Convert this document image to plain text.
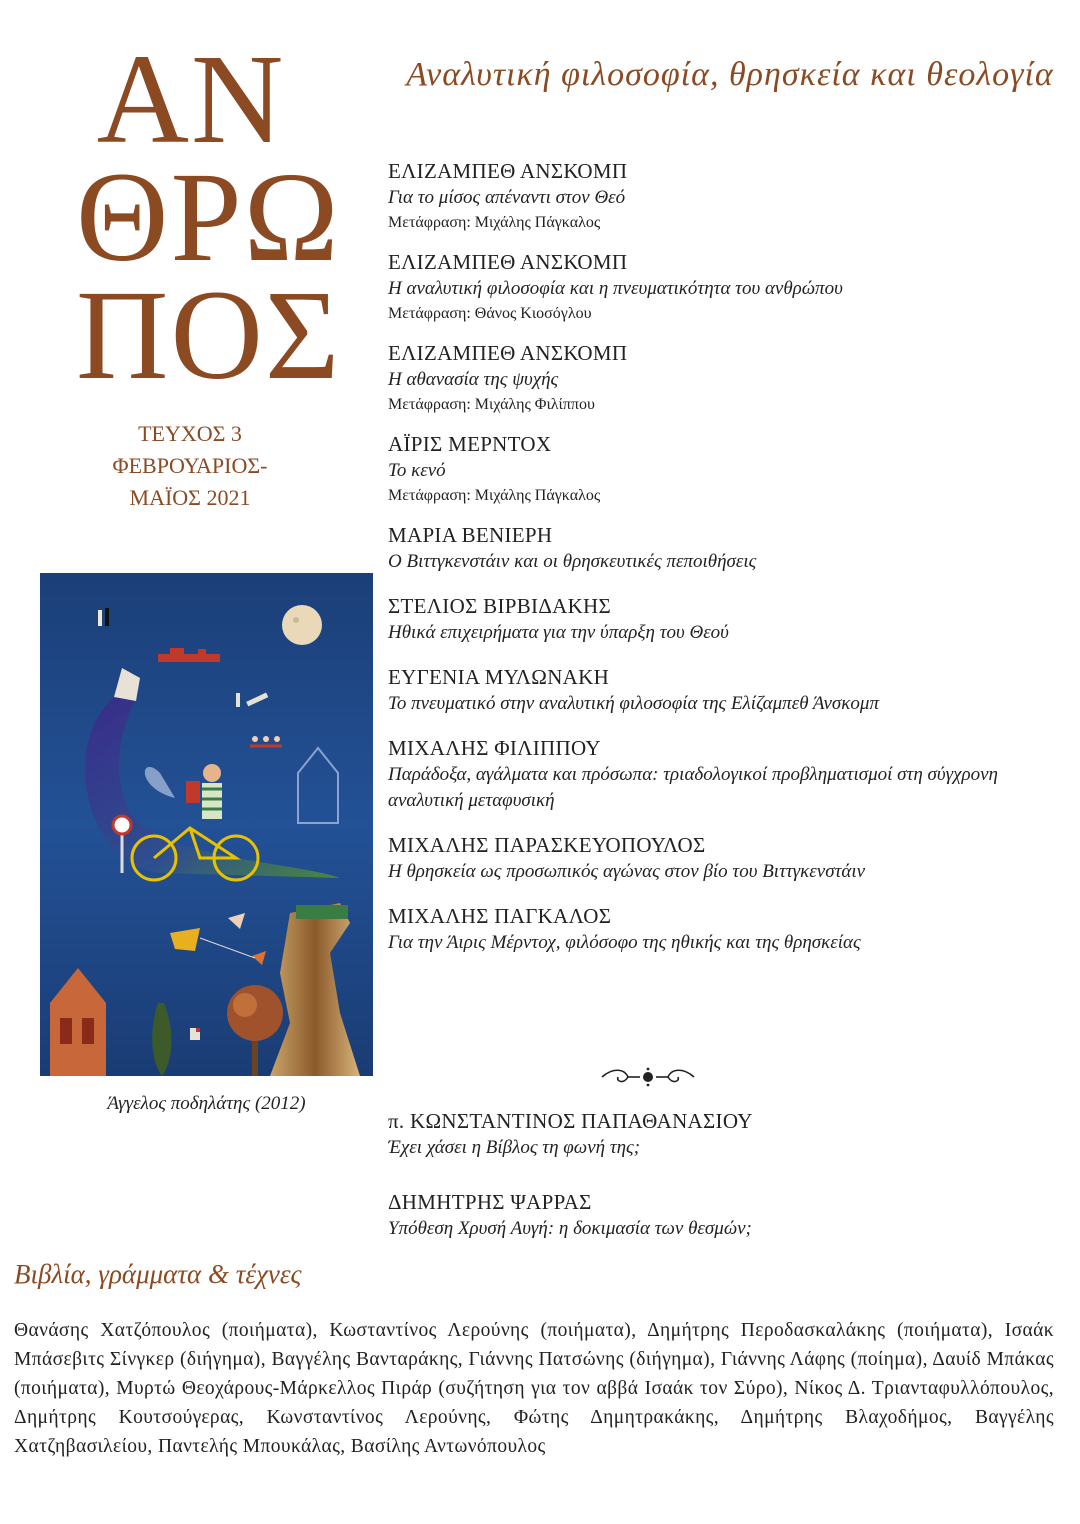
ΑΝ
ΘΡΩ
ΠΟΣ
ΤΕΥΧΟΣ 3
ΦΕΒΡΟΥΑΡΙΟΣ-
ΜΑΪΟΣ 2021
Άγγελος ποδηλάτης (2012)
Αναλυτική φιλοσοφία, θρησκεία και θεολογία
ΕΛΙΖΑΜΠΕΘ ΑΝΣΚΟΜΠ
Για το μίσος απέναντι στον Θεό
Μετάφραση: Μιχάλης Πάγκαλος
ΕΛΙΖΑΜΠΕΘ ΑΝΣΚΟΜΠ
Η αναλυτική φιλοσοφία και η πνευματικότητα του ανθρώπου
Μετάφραση: Θάνος Κιοσόγλου
ΕΛΙΖΑΜΠΕΘ ΑΝΣΚΟΜΠ
Η αθανασία της ψυχής
Μετάφραση: Μιχάλης Φιλίππου
ΑΪΡΙΣ ΜΕΡΝΤΟΧ
Το κενό
Μετάφραση: Μιχάλης Πάγκαλος
ΜΑΡΙΑ ΒΕΝΙΕΡΗ
Ο Βιττγκενστάιν και οι θρησκευτικές πεποιθήσεις
ΣΤΕΛΙΟΣ ΒΙΡΒΙΔΑΚΗΣ
Ηθικά επιχειρήματα για την ύπαρξη του Θεού
ΕΥΓΕΝΙΑ ΜΥΛΩΝΑΚΗ
Το πνευματικό στην αναλυτική φιλοσοφία της Ελίζαμπεθ Άνσκομπ
ΜΙΧΑΛΗΣ ΦΙΛΙΠΠΟΥ
Παράδοξα, αγάλματα και πρόσωπα: τριαδολογικοί προβληματισμοί στη σύγχρονη αναλυτική μεταφυσική
ΜΙΧΑΛΗΣ ΠΑΡΑΣΚΕΥΟΠΟΥΛΟΣ
Η θρησκεία ως προσωπικός αγώνας στον βίο του Βιττγκενστάιν
ΜΙΧΑΛΗΣ ΠΑΓΚΑΛΟΣ
Για την Άιρις Μέρντοχ, φιλόσοφο της ηθικής και της θρησκείας
π. ΚΩΝΣΤΑΝΤΙΝΟΣ ΠΑΠΑΘΑΝΑΣΙΟΥ
Έχει χάσει η Βίβλος τη φωνή της;
ΔΗΜΗΤΡΗΣ ΨΑΡΡΑΣ
Υπόθεση Χρυσή Αυγή: η δοκιμασία των θεσμών;
Βιβλία, γράμματα & τέχνες
Θανάσης Χατζόπουλος (ποιήματα), Κωσταντίνος Λερούνης (ποιήματα), Δημήτρης Περοδασκαλάκης (ποιήματα), Ισαάκ Μπάσεβιτς Σίνγκερ (διήγημα), Βαγγέλης Βανταράκης, Γιάννης Πατσώνης (διήγημα), Γιάννης Λάφης (ποίημα), Δαυίδ Μπάκας (ποιήματα), Μυρτώ Θεοχάρους-Μάρκελλος Πιράρ (συζήτηση για τον αββά Ισαάκ τον Σύρο), Νίκος Δ. Τριανταφυλλόπουλος, Δημήτρης Κουτσούγερας, Κωνσταντίνος Λερούνης, Φώτης Δημητρακάκης, Δημήτρης Βλαχοδήμος, Βαγγέλης Χατζηβασιλείου, Παντελής Μπουκάλας, Βασίλης Αντωνόπουλος
